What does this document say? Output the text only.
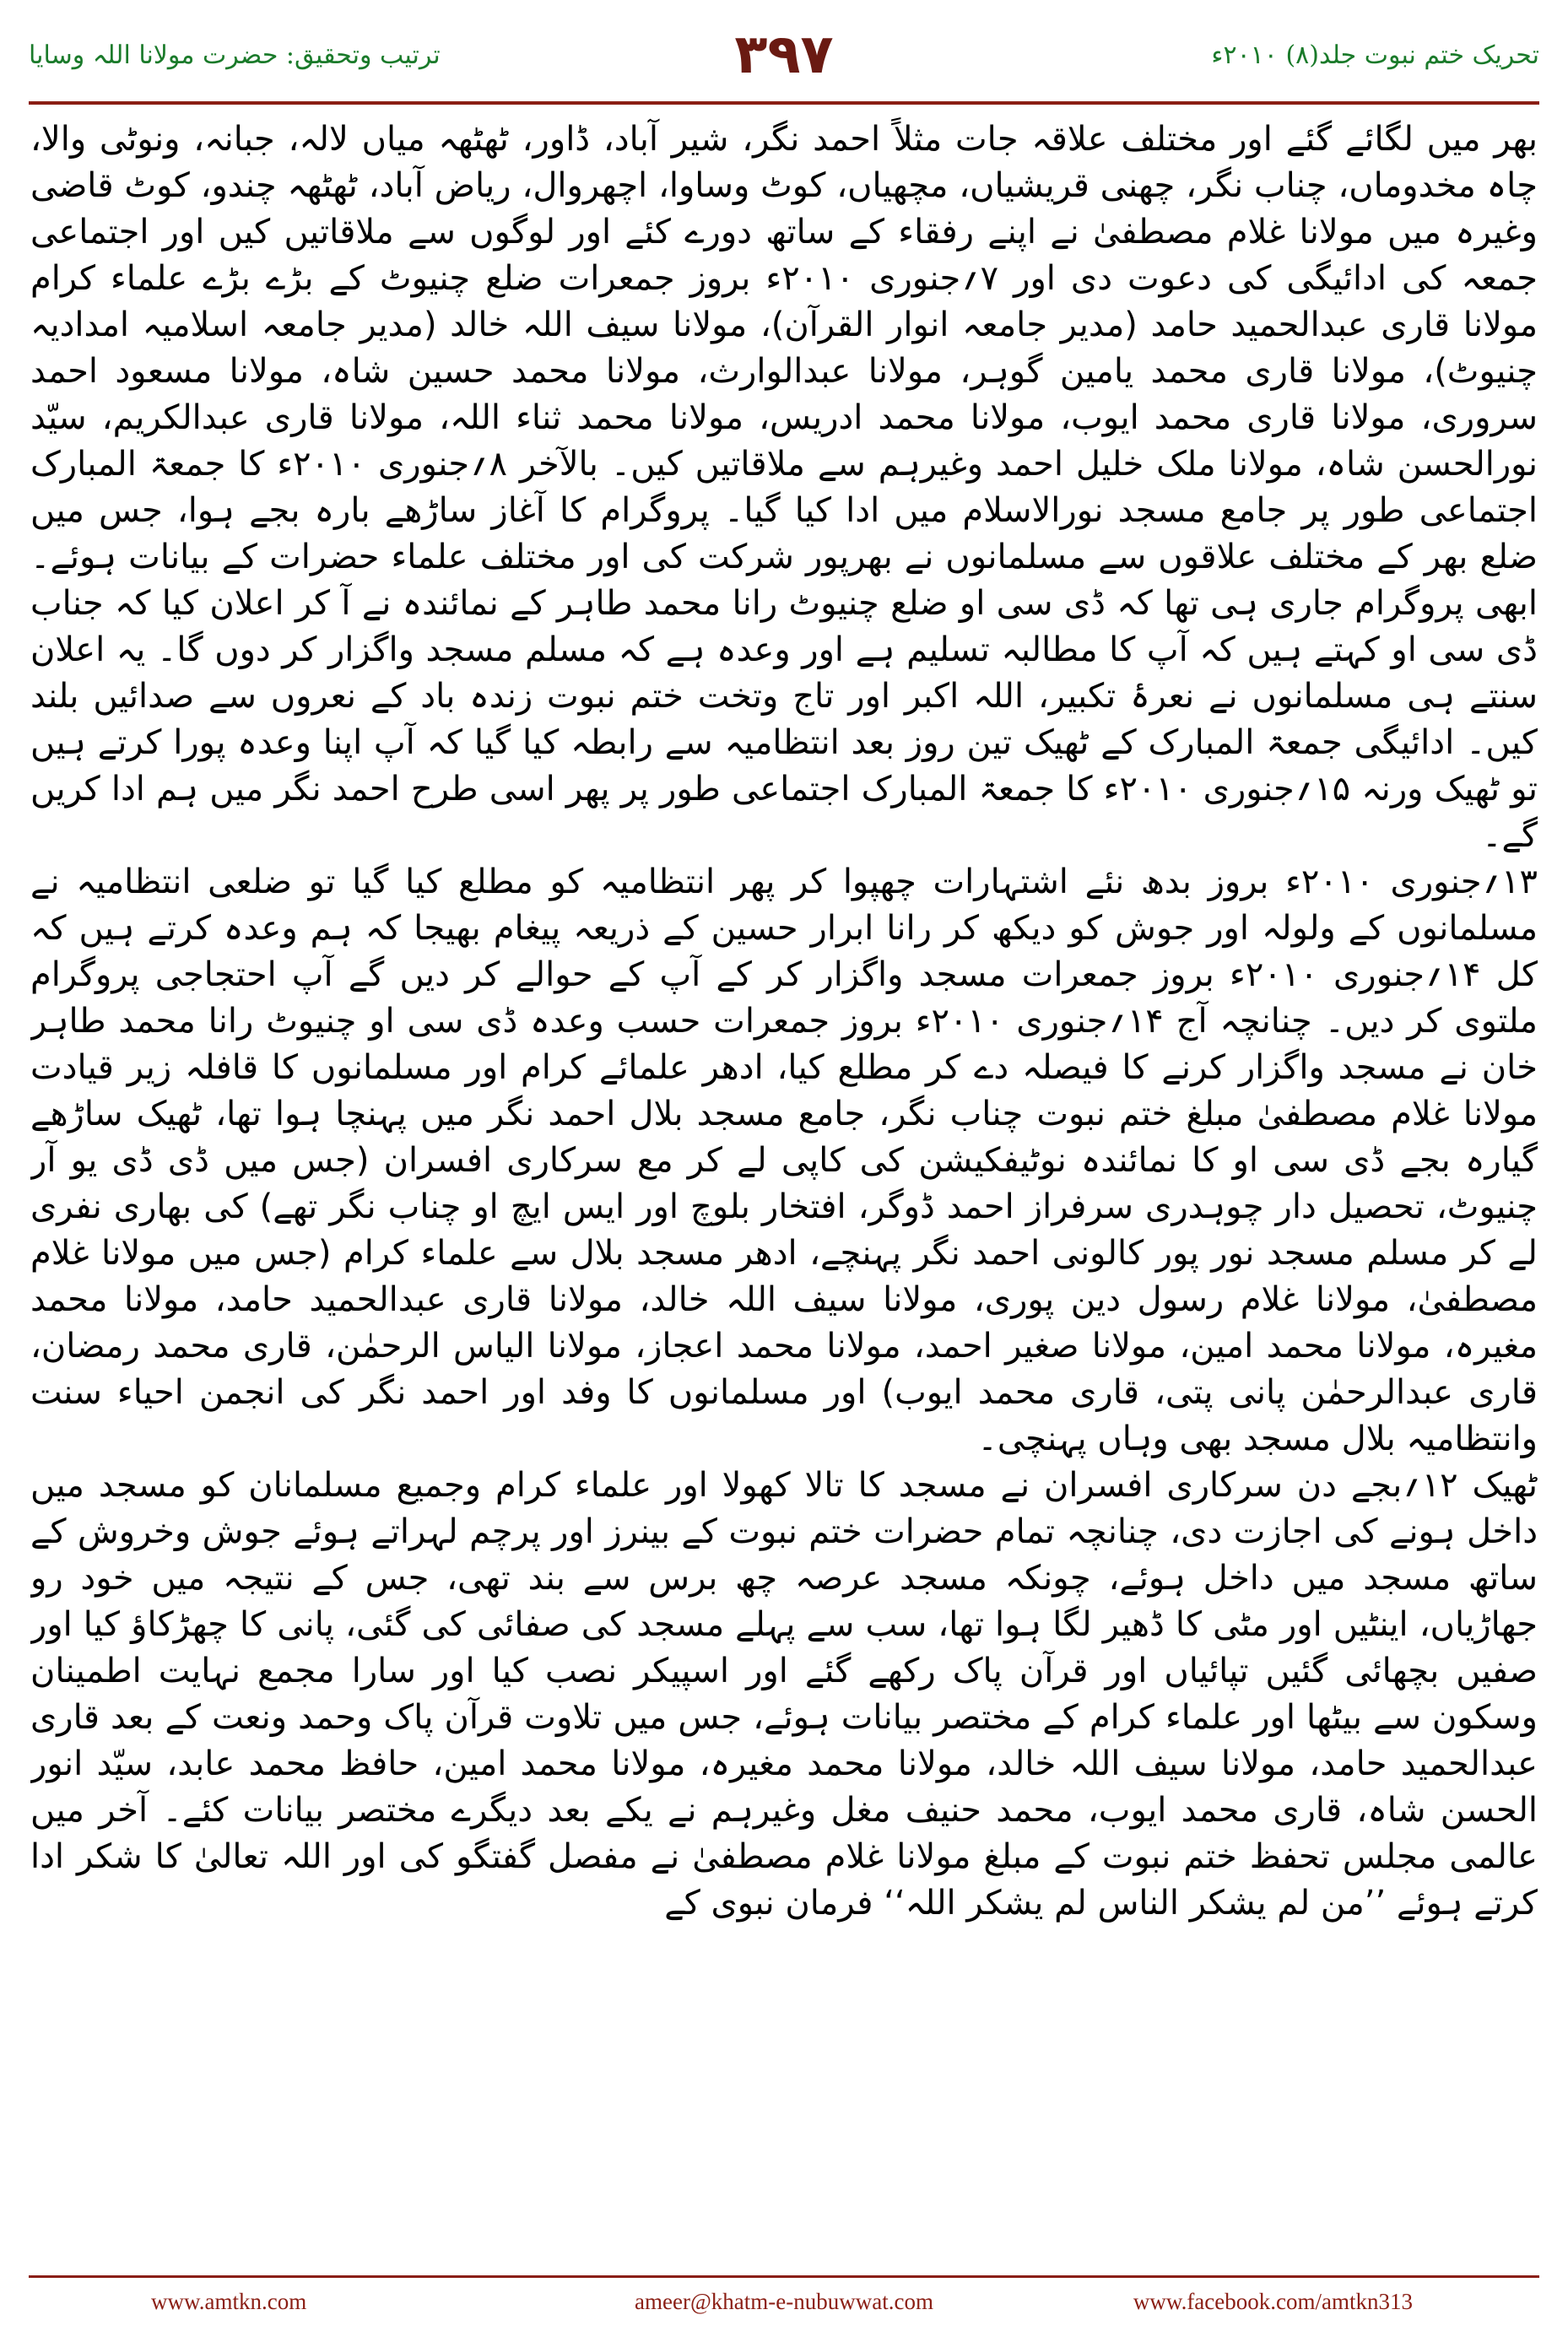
ترتیب وتحقیق: حضرت مولانا اللہ وسایا	۳۹۷	تحریک ختم نبوت جلد(۸) ۲۰۱۰ء

بھر میں لگائے گئے اور مختلف علاقہ جات مثلاً احمد نگر، شیر آباد، ڈاور، ٹھٹھہ میاں لالہ، جبانہ، ونوٹی والا، چاہ مخدوماں، چناب نگر، چھنی قریشیاں، مچھیاں، کوٹ وساوا، اچھروال، ریاض آباد، ٹھٹھہ چندو، کوٹ قاضی وغیرہ میں مولانا غلام مصطفیٰ نے اپنے رفقاء کے ساتھ دورے کئے اور لوگوں سے ملاقاتیں کیں اور اجتماعی جمعہ کی ادائیگی کی دعوت دی اور ۷؍جنوری ۲۰۱۰ء بروز جمعرات ضلع چنیوٹ کے بڑے بڑے علماء کرام مولانا قاری عبدالحمید حامد (مدیر جامعہ انوار القرآن)، مولانا سیف اللہ خالد (مدیر جامعہ اسلامیہ امدادیہ چنیوٹ)، مولانا قاری محمد یامین گوہر، مولانا عبدالوارث، مولانا محمد حسین شاہ، مولانا مسعود احمد سروری، مولانا قاری محمد ایوب، مولانا محمد ادریس، مولانا محمد ثناء اللہ، مولانا قاری عبدالکریم، سیّد نورالحسن شاہ، مولانا ملک خلیل احمد وغیرہم سے ملاقاتیں کیں۔ بالآخر ۸؍جنوری ۲۰۱۰ء کا جمعۃ المبارک اجتماعی طور پر جامع مسجد نورالاسلام میں ادا کیا گیا۔ پروگرام کا آغاز ساڑھے بارہ بجے ہوا، جس میں ضلع بھر کے مختلف علاقوں سے مسلمانوں نے بھرپور شرکت کی اور مختلف علماء حضرات کے بیانات ہوئے۔ ابھی پروگرام جاری ہی تھا کہ ڈی سی او ضلع چنیوٹ رانا محمد طاہر کے نمائندہ نے آ کر اعلان کیا کہ جناب ڈی سی او کہتے ہیں کہ آپ کا مطالبہ تسلیم ہے اور وعدہ ہے کہ مسلم مسجد واگزار کر دوں گا۔ یہ اعلان سنتے ہی مسلمانوں نے نعرۂ تکبیر، اللہ اکبر اور تاج وتخت ختم نبوت زندہ باد کے نعروں سے صدائیں بلند کیں۔ ادائیگی جمعۃ المبارک کے ٹھیک تین روز بعد انتظامیہ سے رابطہ کیا گیا کہ آپ اپنا وعدہ پورا کرتے ہیں تو ٹھیک ورنہ ۱۵؍جنوری ۲۰۱۰ء کا جمعۃ المبارک اجتماعی طور پر پھر اسی طرح احمد نگر میں ہم ادا کریں گے۔

۱۳؍جنوری ۲۰۱۰ء بروز بدھ نئے اشتہارات چھپوا کر پھر انتظامیہ کو مطلع کیا گیا تو ضلعی انتظامیہ نے مسلمانوں کے ولولہ اور جوش کو دیکھ کر رانا ابرار حسین کے ذریعہ پیغام بھیجا کہ ہم وعدہ کرتے ہیں کہ کل ۱۴؍جنوری ۲۰۱۰ء بروز جمعرات مسجد واگزار کر کے آپ کے حوالے کر دیں گے آپ احتجاجی پروگرام ملتوی کر دیں۔ چنانچہ آج ۱۴؍جنوری ۲۰۱۰ء بروز جمعرات حسب وعدہ ڈی سی او چنیوٹ رانا محمد طاہر خان نے مسجد واگزار کرنے کا فیصلہ دے کر مطلع کیا، ادھر علمائے کرام اور مسلمانوں کا قافلہ زیر قیادت مولانا غلام مصطفیٰ مبلغ ختم نبوت چناب نگر، جامع مسجد بلال احمد نگر میں پہنچا ہوا تھا، ٹھیک ساڑھے گیارہ بجے ڈی سی او کا نمائندہ نوٹیفکیشن کی کاپی لے کر مع سرکاری افسران (جس میں ڈی ڈی یو آر چنیوٹ، تحصیل دار چوہدری سرفراز احمد ڈوگر، افتخار بلوچ اور ایس ایچ او چناب نگر تھے) کی بھاری نفری لے کر مسلم مسجد نور پور کالونی احمد نگر پہنچے، ادھر مسجد بلال سے علماء کرام (جس میں مولانا غلام مصطفیٰ، مولانا غلام رسول دین پوری، مولانا سیف اللہ خالد، مولانا قاری عبدالحمید حامد، مولانا محمد مغیرہ، مولانا محمد امین، مولانا صغیر احمد، مولانا محمد اعجاز، مولانا الیاس الرحمٰن، قاری محمد رمضان، قاری عبدالرحمٰن پانی پتی، قاری محمد ایوب) اور مسلمانوں کا وفد اور احمد نگر کی انجمن احیاء سنت وانتظامیہ بلال مسجد بھی وہاں پہنچی۔

ٹھیک ۱۲؍بجے دن سرکاری افسران نے مسجد کا تالا کھولا اور علماء کرام وجمیع مسلمانان کو مسجد میں داخل ہونے کی اجازت دی، چنانچہ تمام حضرات ختم نبوت کے بینرز اور پرچم لہراتے ہوئے جوش وخروش کے ساتھ مسجد میں داخل ہوئے، چونکہ مسجد عرصہ چھ برس سے بند تھی، جس کے نتیجہ میں خود رو جھاڑیاں، اینٹیں اور مٹی کا ڈھیر لگا ہوا تھا، سب سے پہلے مسجد کی صفائی کی گئی، پانی کا چھڑکاؤ کیا اور صفیں بچھائی گئیں تپائیاں اور قرآن پاک رکھے گئے اور اسپیکر نصب کیا اور سارا مجمع نہایت اطمینان وسکون سے بیٹھا اور علماء کرام کے مختصر بیانات ہوئے، جس میں تلاوت قرآن پاک وحمد ونعت کے بعد قاری عبدالحمید حامد، مولانا سیف اللہ خالد، مولانا محمد مغیرہ، مولانا محمد امین، حافظ محمد عابد، سیّد انور الحسن شاہ، قاری محمد ایوب، محمد حنیف مغل وغیرہم نے یکے بعد دیگرے مختصر بیانات کئے۔ آخر میں عالمی مجلس تحفظ ختم نبوت کے مبلغ مولانا غلام مصطفیٰ نے مفصل گفتگو کی اور اللہ تعالیٰ کا شکر ادا کرتے ہوئے ’’من لم یشکر الناس لم یشکر اللہ‘‘ فرمان نبوی کے

www.amtkn.com	ameer@khatm-e-nubuwwat.com	www.facebook.com/amtkn313
